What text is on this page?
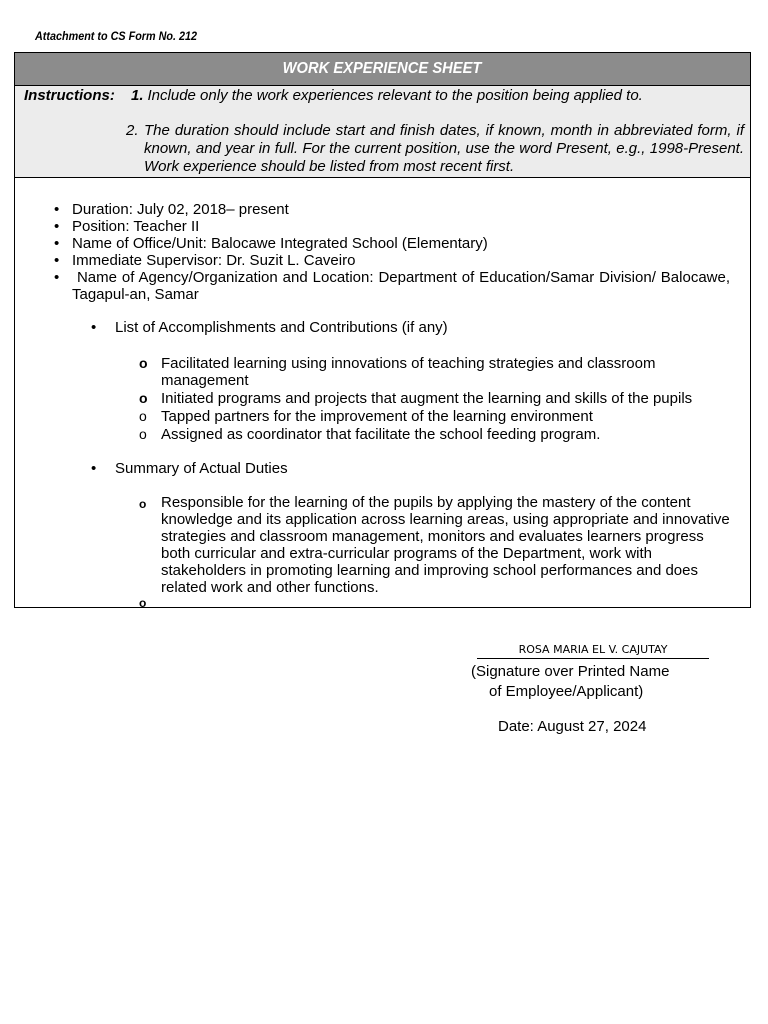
Attachment to CS Form No. 212
WORK EXPERIENCE SHEET
Instructions: 1. Include only the work experiences relevant to the position being applied to.
2. The duration should include start and finish dates, if known, month in abbreviated form, if known, and year in full. For the current position, use the word Present, e.g., 1998-Present. Work experience should be listed from most recent first.
• Duration: July 02, 2018– present
• Position: Teacher II
• Name of Office/Unit: Balocawe Integrated School (Elementary)
• Immediate Supervisor: Dr. Suzit L. Caveiro
• Name of Agency/Organization and Location: Department of Education/Samar Division/ Balocawe, Tagapul-an, Samar
• List of Accomplishments and Contributions (if any)
o Facilitated learning using innovations of teaching strategies and classroom management
o Initiated programs and projects that augment the learning and skills of the pupils
o Tapped partners for the improvement of the learning environment
o Assigned as coordinator that facilitate the school feeding program.
• Summary of Actual Duties
o Responsible for the learning of the pupils by applying the mastery of the content knowledge and its application across learning areas, using appropriate and innovative strategies and classroom management, monitors and evaluates learners progress both curricular and extra-curricular programs of the Department, work with stakeholders in promoting learning and improving school performances and does related work and other functions.
o
ROSA MARIA EL V. CAJUTAY
(Signature over Printed Name
of Employee/Applicant)
Date: August 27, 2024
